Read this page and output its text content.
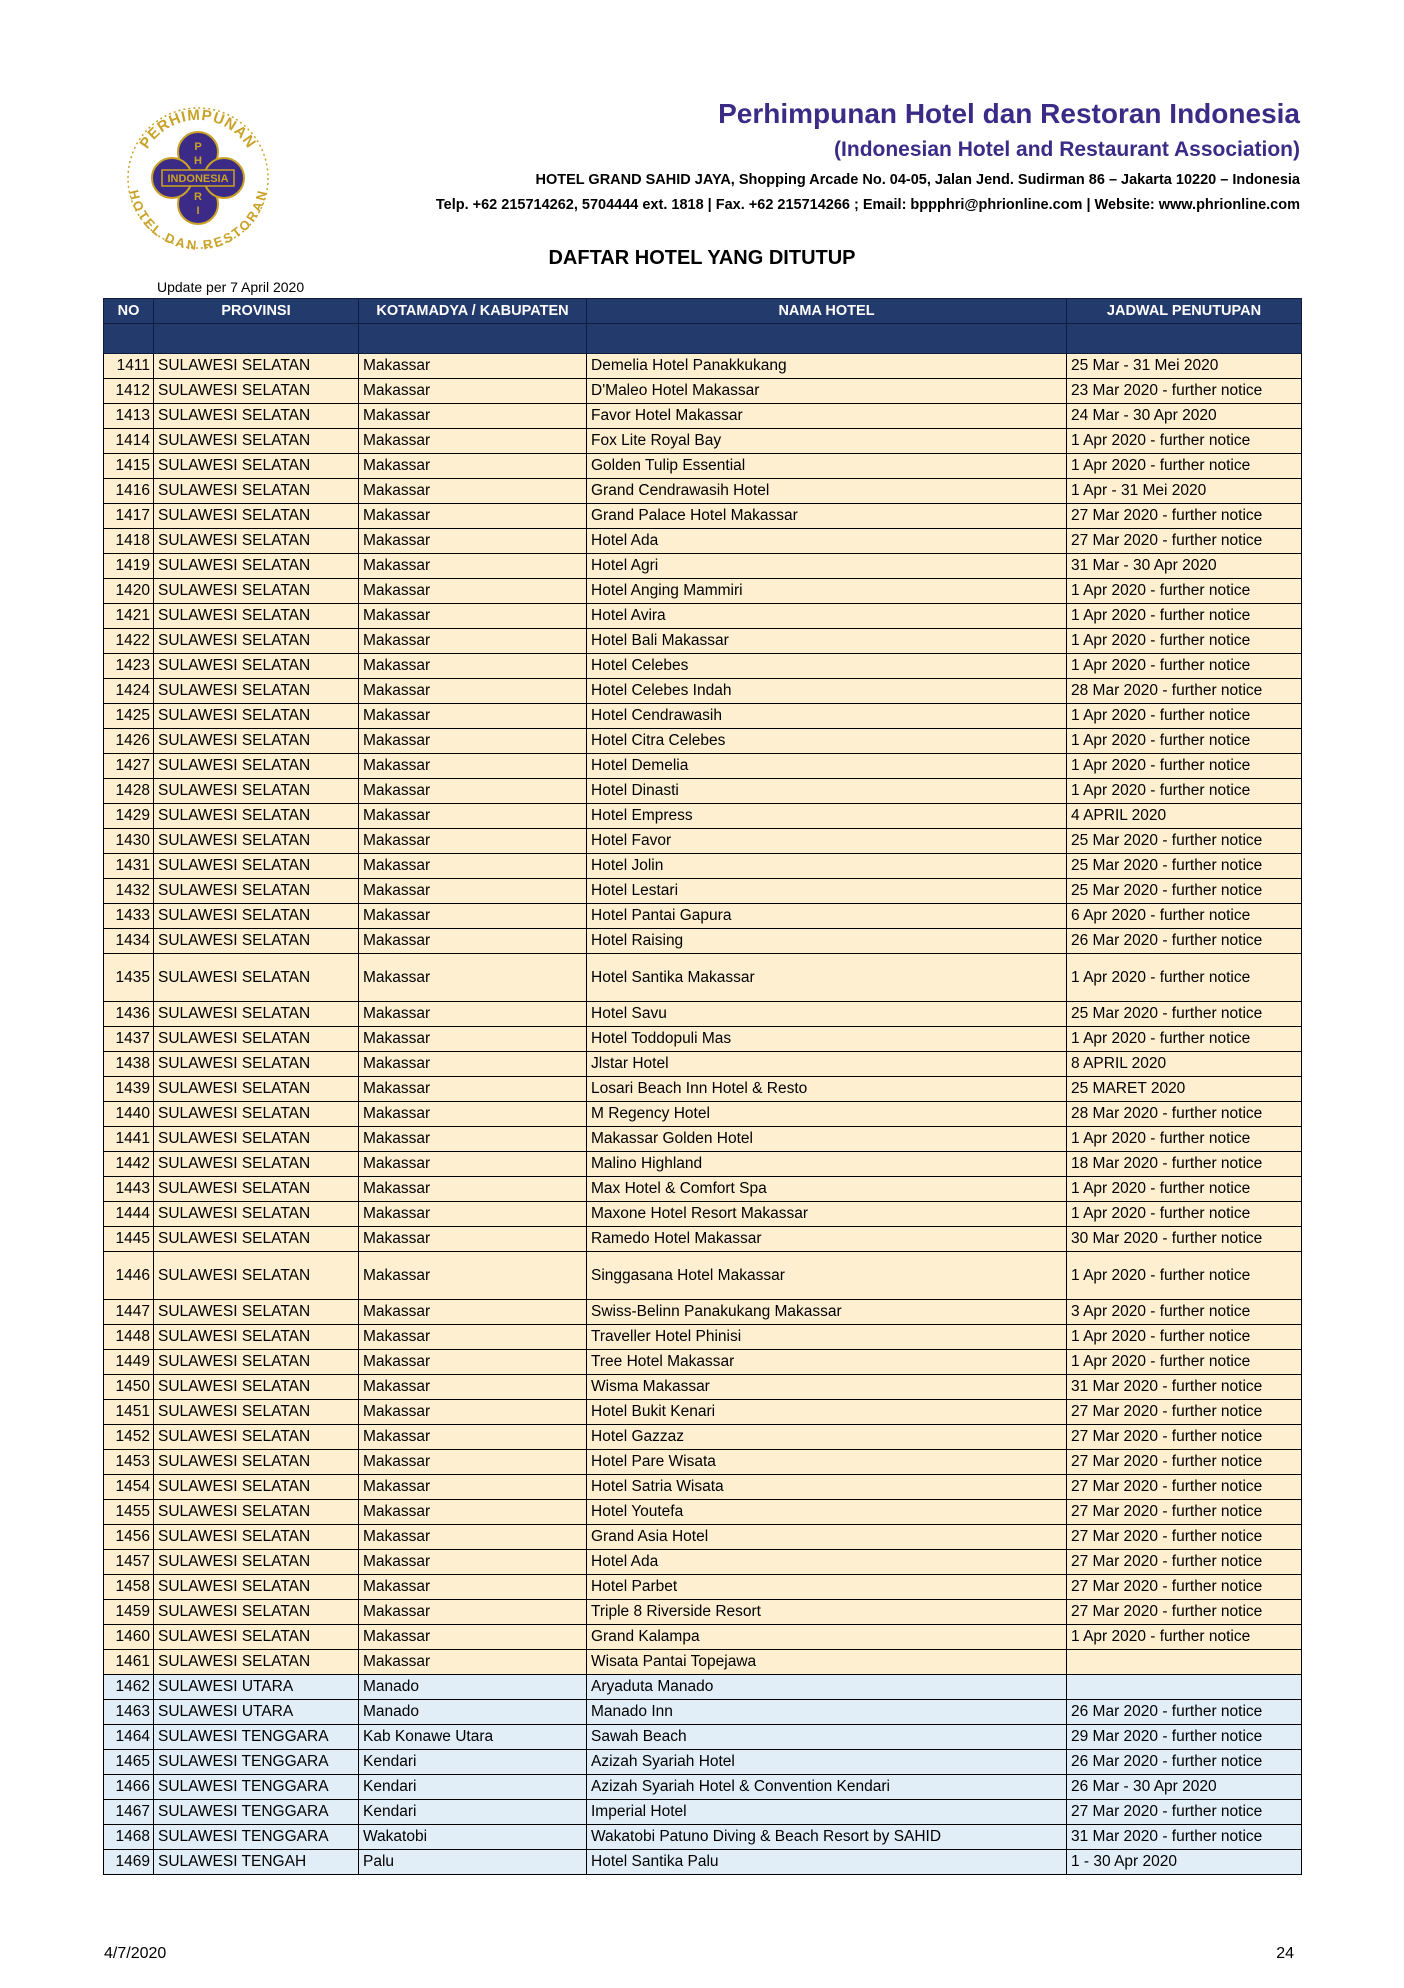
PERHIMPUNAN
HOTEL DAN RESTORAN
INDONESIA
P
H
R
I
Perhimpunan Hotel dan Restoran Indonesia
(Indonesian Hotel and Restaurant Association)
HOTEL GRAND SAHID JAYA, Shopping Arcade No. 04-05, Jalan Jend. Sudirman 86 – Jakarta 10220 – Indonesia
Telp. +62 215714262, 5704444 ext. 1818 | Fax. +62 215714266 ; Email: bppphri@phrionline.com | Website: www.phrionline.com
DAFTAR HOTEL YANG DITUTUP
Update per 7 April 2020
NO	PROVINSI	KOTAMADYA / KABUPATEN	NAMA HOTEL	JADWAL PENUTUPAN

1411	SULAWESI SELATAN	Makassar	Demelia Hotel Panakkukang	25 Mar - 31 Mei 2020
1412	SULAWESI SELATAN	Makassar	D'Maleo Hotel Makassar	23 Mar 2020 - further notice
1413	SULAWESI SELATAN	Makassar	Favor Hotel Makassar	24 Mar - 30 Apr 2020
1414	SULAWESI SELATAN	Makassar	Fox Lite Royal Bay	1 Apr 2020 - further notice
1415	SULAWESI SELATAN	Makassar	Golden Tulip Essential	1 Apr 2020 - further notice
1416	SULAWESI SELATAN	Makassar	Grand Cendrawasih Hotel	1 Apr - 31 Mei 2020
1417	SULAWESI SELATAN	Makassar	Grand Palace Hotel Makassar	27 Mar 2020 - further notice
1418	SULAWESI SELATAN	Makassar	Hotel Ada	27 Mar 2020 - further notice
1419	SULAWESI SELATAN	Makassar	Hotel Agri	31 Mar - 30 Apr 2020
1420	SULAWESI SELATAN	Makassar	Hotel Anging Mammiri	1 Apr 2020 - further notice
1421	SULAWESI SELATAN	Makassar	Hotel Avira	1 Apr 2020 - further notice
1422	SULAWESI SELATAN	Makassar	Hotel Bali Makassar	1 Apr 2020 - further notice
1423	SULAWESI SELATAN	Makassar	Hotel Celebes	1 Apr 2020 - further notice
1424	SULAWESI SELATAN	Makassar	Hotel Celebes Indah	28 Mar 2020 - further notice
1425	SULAWESI SELATAN	Makassar	Hotel Cendrawasih	1 Apr 2020 - further notice
1426	SULAWESI SELATAN	Makassar	Hotel Citra Celebes	1 Apr 2020 - further notice
1427	SULAWESI SELATAN	Makassar	Hotel Demelia	1 Apr 2020 - further notice
1428	SULAWESI SELATAN	Makassar	Hotel Dinasti	1 Apr 2020 - further notice
1429	SULAWESI SELATAN	Makassar	Hotel Empress	4 APRIL 2020
1430	SULAWESI SELATAN	Makassar	Hotel Favor	25 Mar 2020 - further notice
1431	SULAWESI SELATAN	Makassar	Hotel Jolin	25 Mar 2020 - further notice
1432	SULAWESI SELATAN	Makassar	Hotel Lestari	25 Mar 2020 - further notice
1433	SULAWESI SELATAN	Makassar	Hotel Pantai Gapura	6 Apr 2020 - further notice
1434	SULAWESI SELATAN	Makassar	Hotel Raising	26 Mar 2020 - further notice
1435	SULAWESI SELATAN	Makassar	Hotel Santika Makassar	1 Apr 2020 - further notice
1436	SULAWESI SELATAN	Makassar	Hotel Savu	25 Mar 2020 - further notice
1437	SULAWESI SELATAN	Makassar	Hotel Toddopuli Mas	1 Apr 2020 - further notice
1438	SULAWESI SELATAN	Makassar	Jlstar Hotel	8 APRIL 2020
1439	SULAWESI SELATAN	Makassar	Losari Beach Inn Hotel & Resto	25 MARET 2020
1440	SULAWESI SELATAN	Makassar	M Regency Hotel	28 Mar 2020 - further notice
1441	SULAWESI SELATAN	Makassar	Makassar Golden Hotel	1 Apr 2020 - further notice
1442	SULAWESI SELATAN	Makassar	Malino Highland	18 Mar 2020 - further notice
1443	SULAWESI SELATAN	Makassar	Max Hotel & Comfort Spa	1 Apr 2020 - further notice
1444	SULAWESI SELATAN	Makassar	Maxone Hotel Resort Makassar	1 Apr 2020 - further notice
1445	SULAWESI SELATAN	Makassar	Ramedo Hotel Makassar	30 Mar 2020 - further notice
1446	SULAWESI SELATAN	Makassar	Singgasana Hotel Makassar	1 Apr 2020 - further notice
1447	SULAWESI SELATAN	Makassar	Swiss-Belinn Panakukang Makassar	3 Apr 2020 - further notice
1448	SULAWESI SELATAN	Makassar	Traveller Hotel Phinisi	1 Apr 2020 - further notice
1449	SULAWESI SELATAN	Makassar	Tree Hotel Makassar	1 Apr 2020 - further notice
1450	SULAWESI SELATAN	Makassar	Wisma Makassar	31 Mar 2020 - further notice
1451	SULAWESI SELATAN	Makassar	Hotel Bukit Kenari	27 Mar 2020 - further notice
1452	SULAWESI SELATAN	Makassar	Hotel Gazzaz	27 Mar 2020 - further notice
1453	SULAWESI SELATAN	Makassar	Hotel Pare Wisata	27 Mar 2020 - further notice
1454	SULAWESI SELATAN	Makassar	Hotel Satria Wisata	27 Mar 2020 - further notice
1455	SULAWESI SELATAN	Makassar	Hotel Youtefa	27 Mar 2020 - further notice
1456	SULAWESI SELATAN	Makassar	Grand Asia Hotel	27 Mar 2020 - further notice
1457	SULAWESI SELATAN	Makassar	Hotel Ada	27 Mar 2020 - further notice
1458	SULAWESI SELATAN	Makassar	Hotel Parbet	27 Mar 2020 - further notice
1459	SULAWESI SELATAN	Makassar	Triple 8 Riverside Resort	27 Mar 2020 - further notice
1460	SULAWESI SELATAN	Makassar	Grand Kalampa	1 Apr 2020 - further notice
1461	SULAWESI SELATAN	Makassar	Wisata Pantai Topejawa	
1462	SULAWESI UTARA	Manado	Aryaduta Manado	
1463	SULAWESI UTARA	Manado	Manado Inn	26 Mar 2020 - further notice
1464	SULAWESI TENGGARA	Kab Konawe Utara	Sawah Beach	29 Mar 2020 - further notice
1465	SULAWESI TENGGARA	Kendari	Azizah Syariah Hotel	26 Mar 2020 - further notice
1466	SULAWESI TENGGARA	Kendari	Azizah Syariah Hotel & Convention Kendari	26 Mar - 30 Apr 2020
1467	SULAWESI TENGGARA	Kendari	Imperial Hotel	27 Mar 2020 - further notice
1468	SULAWESI TENGGARA	Wakatobi	Wakatobi Patuno Diving & Beach Resort by SAHID	31 Mar 2020 - further notice
1469	SULAWESI TENGAH	Palu	Hotel Santika Palu	1 - 30 Apr 2020
4/7/2020	24
